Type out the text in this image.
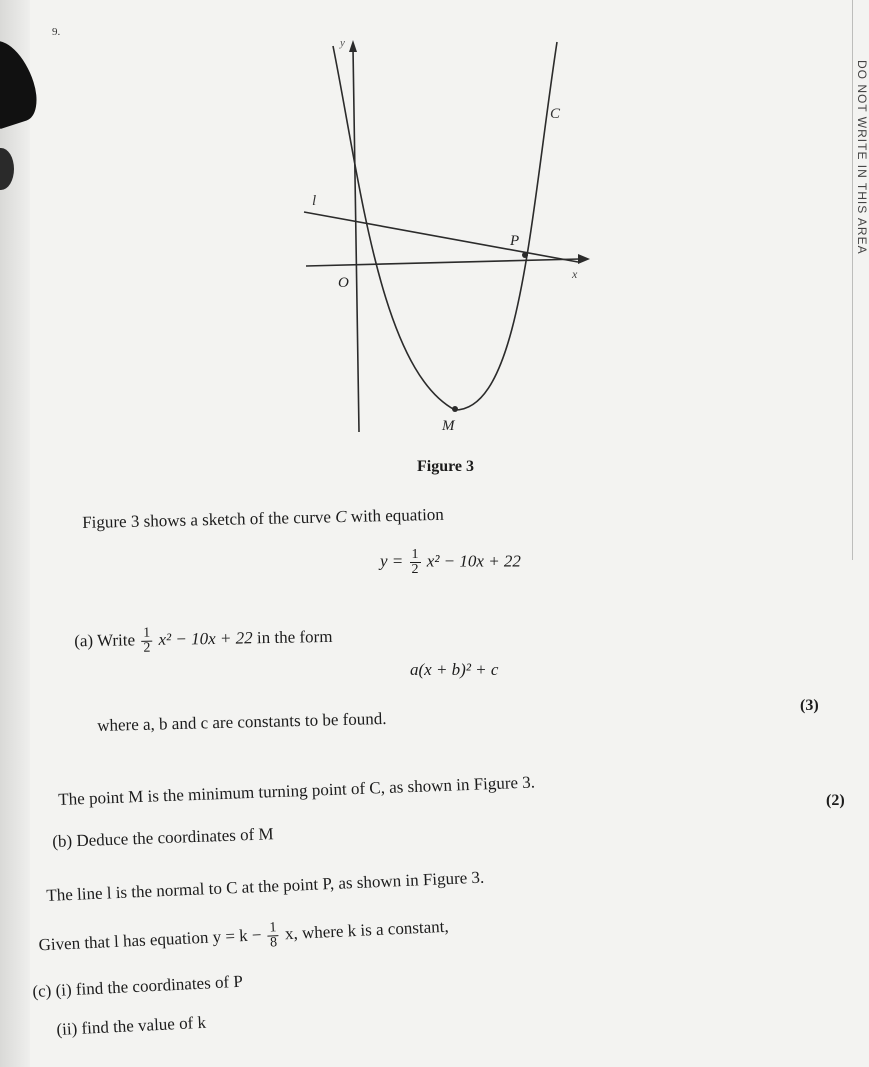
DO NOT WRITE IN THIS AREA
9.
y
x
O
C
l
P
M
Figure 3
Figure 3 shows a sketch of the curve C with equation
$y = \frac{1}{2} x^2 - 10x + 22$
(a) Write $\frac{1}{2} x^2 - 10x + 22$ in the form
a(x + b)² + c
where a, b and c are constants to be found.
(3)
The point M is the minimum turning point of C, as shown in Figure 3.
(b) Deduce the coordinates of M
(2)
The line l is the normal to C at the point P, as shown in Figure 3.
Given that l has equation $y = k - \frac{1}{8} x$, where k is a constant,
(c) (i) find the coordinates of P
(ii) find the value of k
